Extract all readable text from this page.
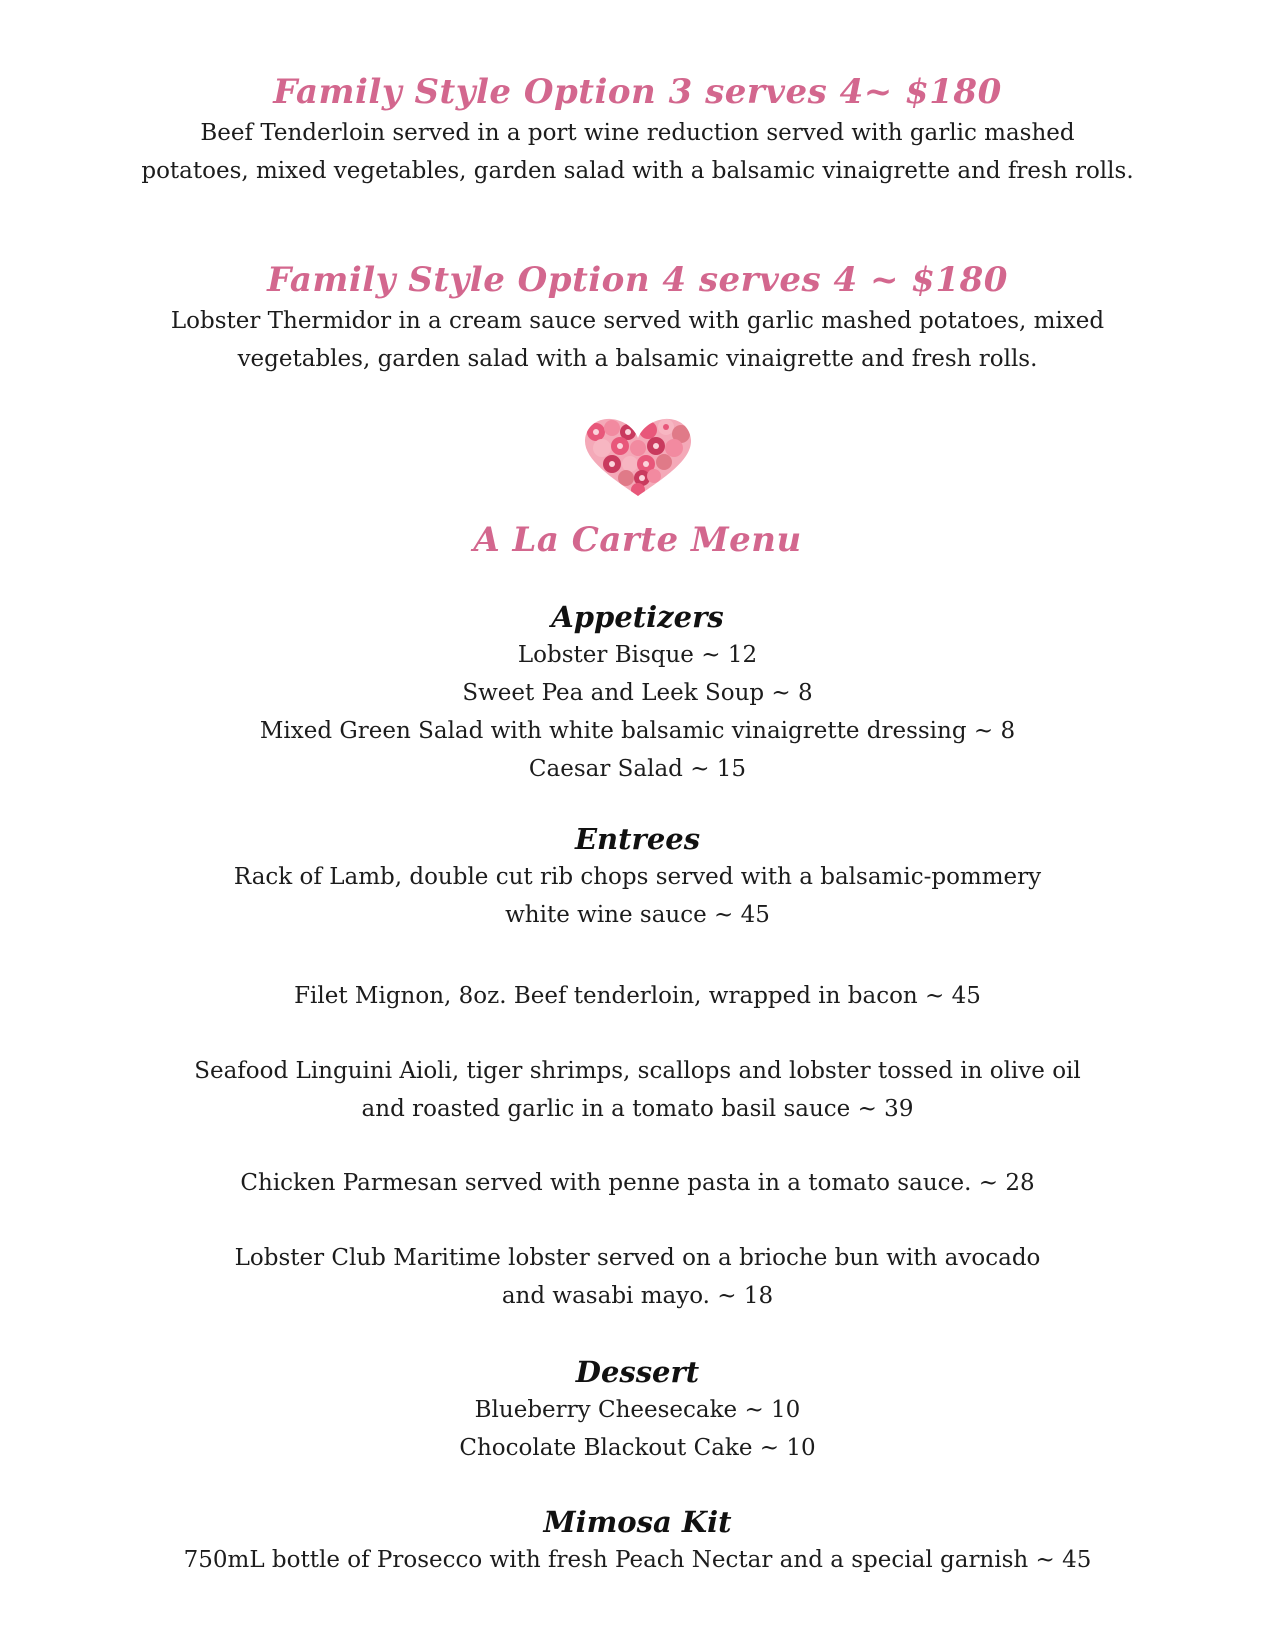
Family Style Option 3 serves 4~ $180

Beef Tenderloin served in a port wine reduction served with garlic mashed

potatoes, mixed vegetables, garden salad with a balsamic vinaigrette and fresh rolls.

Family Style Option 4 serves 4 ~ $180

Lobster Thermidor in a cream sauce served with garlic mashed potatoes, mixed

vegetables, garden salad with a balsamic vinaigrette and fresh rolls.

A La Carte Menu

Appetizers

Lobster Bisque ~ 12

Sweet Pea and Leek Soup ~ 8

Mixed Green Salad with white balsamic vinaigrette dressing ~ 8

Caesar Salad ~ 15

Entrees

Rack of Lamb, double cut rib chops served with a balsamic-pommery

white wine sauce ~ 45

Filet Mignon, 8oz. Beef tenderloin, wrapped in bacon ~ 45

Seafood Linguini Aioli, tiger shrimps, scallops and lobster tossed in olive oil

and roasted garlic in a tomato basil sauce ~ 39

Chicken Parmesan served with penne pasta in a tomato sauce. ~ 28

Lobster Club Maritime lobster served on a brioche bun with avocado

and wasabi mayo. ~ 18

Dessert

Blueberry Cheesecake ~ 10

Chocolate Blackout Cake ~ 10

Mimosa Kit

750mL bottle of Prosecco with fresh Peach Nectar and a special garnish ~ 45
